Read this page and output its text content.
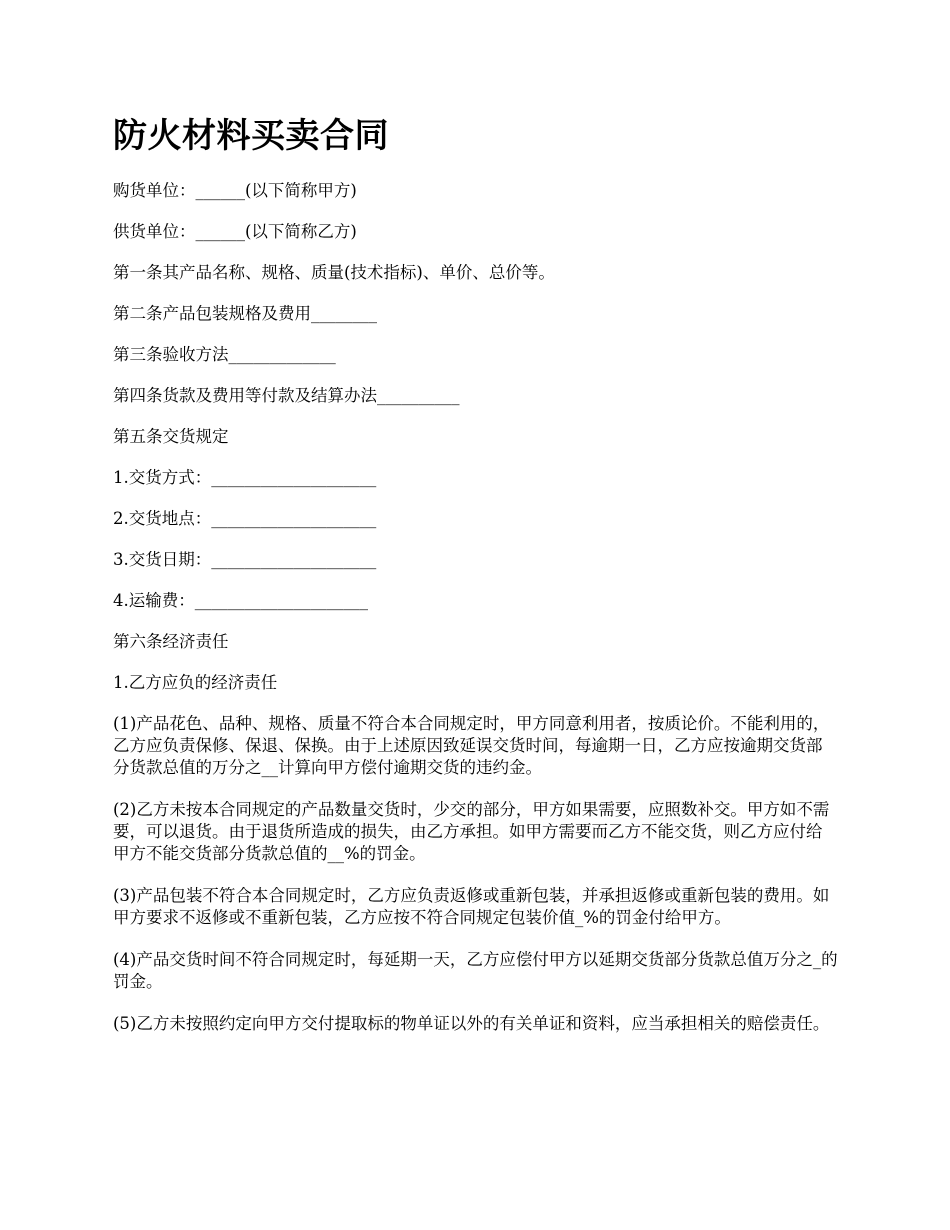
防火材料买卖合同
购货单位：______(以下简称甲方)
供货单位：______(以下简称乙方)
第一条其产品名称、规格、质量(技术指标)、单价、总价等。
第二条产品包装规格及费用________
第三条验收方法_____________
第四条货款及费用等付款及结算办法__________
第五条交货规定
1.交货方式：____________________
2.交货地点：____________________
3.交货日期：____________________
4.运输费：_____________________
第六条经济责任
1.乙方应负的经济责任
(1)产品花色、品种、规格、质量不符合本合同规定时，甲方同意利用者，按质论价。不能利用的，乙方应负责保修、保退、保换。由于上述原因致延误交货时间，每逾期一日，乙方应按逾期交货部分货款总值的万分之__计算向甲方偿付逾期交货的违约金。
(2)乙方未按本合同规定的产品数量交货时，少交的部分，甲方如果需要，应照数补交。甲方如不需要，可以退货。由于退货所造成的损失，由乙方承担。如甲方需要而乙方不能交货，则乙方应付给甲方不能交货部分货款总值的__%的罚金。
(3)产品包装不符合本合同规定时，乙方应负责返修或重新包装，并承担返修或重新包装的费用。如甲方要求不返修或不重新包装，乙方应按不符合同规定包装价值_%的罚金付给甲方。
(4)产品交货时间不符合同规定时，每延期一天，乙方应偿付甲方以延期交货部分货款总值万分之_的罚金。
(5)乙方未按照约定向甲方交付提取标的物单证以外的有关单证和资料，应当承担相关的赔偿责任。
